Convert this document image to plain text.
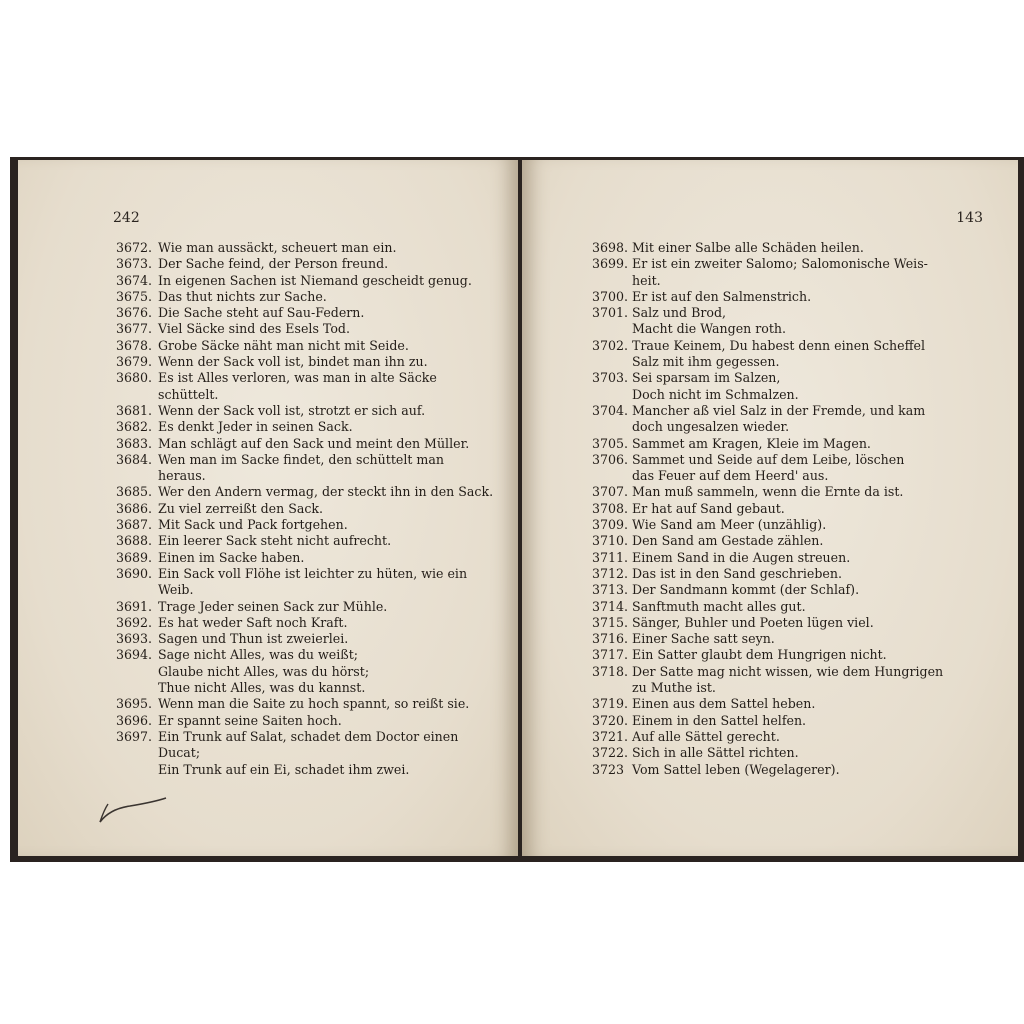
242
3672. Wie man aussäckt, scheuert man ein.
3673. Der Sache feind, der Person freund.
3674. In eigenen Sachen ist Niemand gescheidt genug.
3675. Das thut nichts zur Sache.
3676. Die Sache steht auf Sau-Federn.
3677. Viel Säcke sind des Esels Tod.
3678. Grobe Säcke näht man nicht mit Seide.
3679. Wenn der Sack voll ist, bindet man ihn zu.
3680. Es ist Alles verloren, was man in alte Säcke
schüttelt.
3681. Wenn der Sack voll ist, strotzt er sich auf.
3682. Es denkt Jeder in seinen Sack.
3683. Man schlägt auf den Sack und meint den Müller.
3684. Wen man im Sacke findet, den schüttelt man
heraus.
3685. Wer den Andern vermag, der steckt ihn in den Sack.
3686. Zu viel zerreißt den Sack.
3687. Mit Sack und Pack fortgehen.
3688. Ein leerer Sack steht nicht aufrecht.
3689. Einen im Sacke haben.
3690. Ein Sack voll Flöhe ist leichter zu hüten, wie ein
Weib.
3691. Trage Jeder seinen Sack zur Mühle.
3692. Es hat weder Saft noch Kraft.
3693. Sagen und Thun ist zweierlei.
3694. Sage nicht Alles, was du weißt;
Glaube nicht Alles, was du hörst;
Thue nicht Alles, was du kannst.
3695. Wenn man die Saite zu hoch spannt, so reißt sie.
3696. Er spannt seine Saiten hoch.
3697. Ein Trunk auf Salat, schadet dem Doctor einen
Ducat;
Ein Trunk auf ein Ei, schadet ihm zwei.
143
3698. Mit einer Salbe alle Schäden heilen.
3699. Er ist ein zweiter Salomo; Salomonische Weis-
heit.
3700. Er ist auf den Salmenstrich.
3701. Salz und Brod,
Macht die Wangen roth.
3702. Traue Keinem, Du habest denn einen Scheffel
Salz mit ihm gegessen.
3703. Sei sparsam im Salzen,
Doch nicht im Schmalzen.
3704. Mancher aß viel Salz in der Fremde, und kam
doch ungesalzen wieder.
3705. Sammet am Kragen, Kleie im Magen.
3706. Sammet und Seide auf dem Leibe, löschen
das Feuer auf dem Heerd' aus.
3707. Man muß sammeln, wenn die Ernte da ist.
3708. Er hat auf Sand gebaut.
3709. Wie Sand am Meer (unzählig).
3710. Den Sand am Gestade zählen.
3711. Einem Sand in die Augen streuen.
3712. Das ist in den Sand geschrieben.
3713. Der Sandmann kommt (der Schlaf).
3714. Sanftmuth macht alles gut.
3715. Sänger, Buhler und Poeten lügen viel.
3716. Einer Sache satt seyn.
3717. Ein Satter glaubt dem Hungrigen nicht.
3718. Der Satte mag nicht wissen, wie dem Hungrigen
zu Muthe ist.
3719. Einen aus dem Sattel heben.
3720. Einem in den Sattel helfen.
3721. Auf alle Sättel gerecht.
3722. Sich in alle Sättel richten.
3723 Vom Sattel leben (Wegelagerer).
